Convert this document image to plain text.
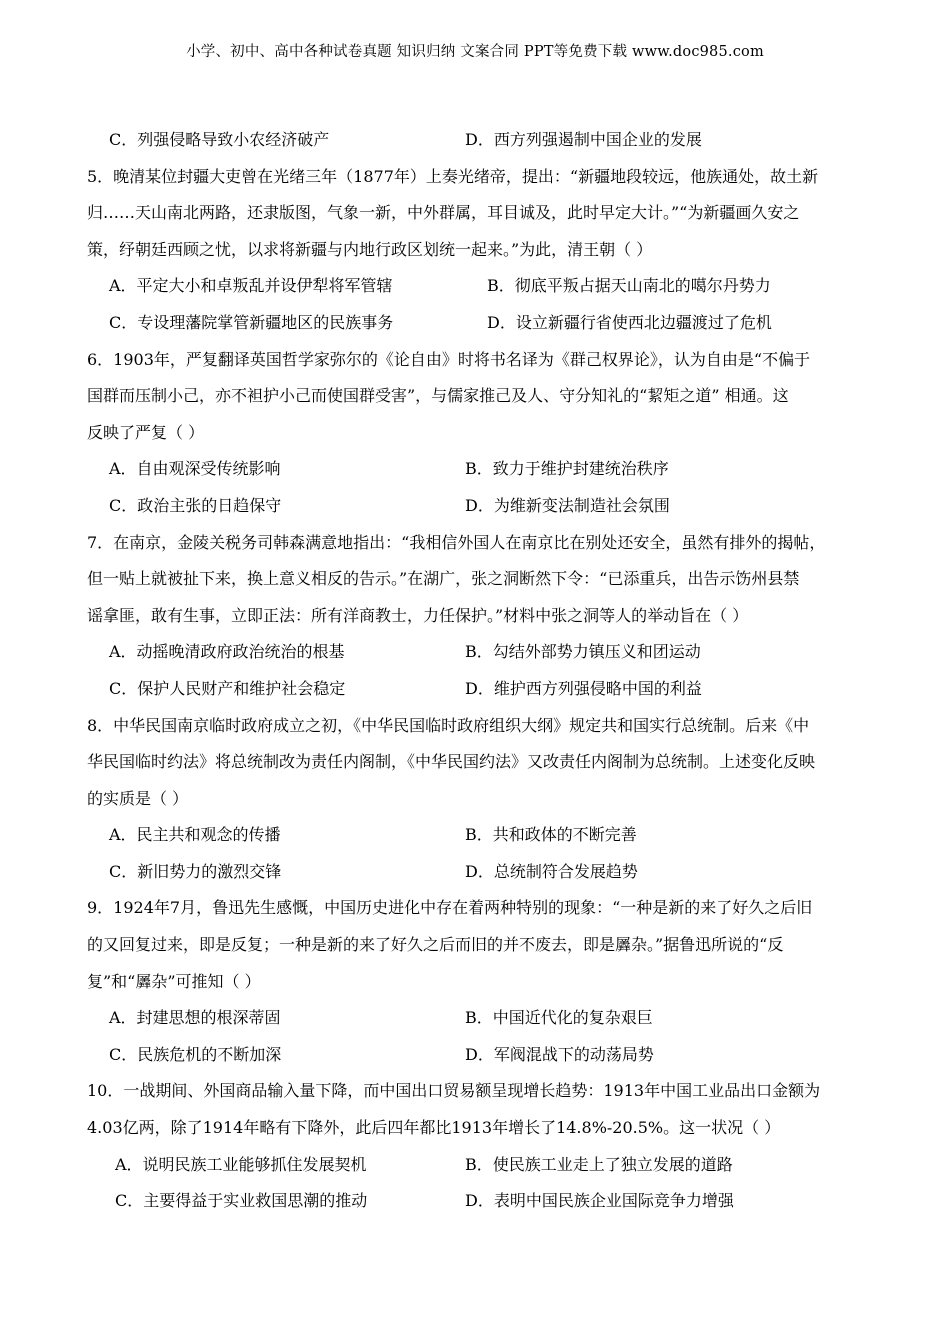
小学、初中、高中各种试卷真题 知识归纳 文案合同 PPT等免费下载 www.doc985.com
C．列强侵略导致小农经济破产	D．西方列强遏制中国企业的发展
5．晚清某位封疆大吏曾在光绪三年（1877年）上奏光绪帝，提出：“新疆地段较远，他族通处，故土新
归……天山南北两路，还隶版图，气象一新，中外群属，耳目诚及，此时早定大计。”“为新疆画久安之
策，纾朝廷西顾之忧，以求将新疆与内地行政区划统一起来。”为此，清王朝（ ）
A．平定大小和卓叛乱并设伊犁将军管辖	B．彻底平叛占据天山南北的噶尔丹势力
C．专设理藩院掌管新疆地区的民族事务	D．设立新疆行省使西北边疆渡过了危机
6．1903年，严复翻译英国哲学家弥尔的《论自由》时将书名译为《群己权界论》，认为自由是“不偏于
国群而压制小己，亦不袒护小己而使国群受害”，与儒家推己及人、守分知礼的“絜矩之道” 相通。这
反映了严复（ ）
A．自由观深受传统影响	B．致力于维护封建统治秩序
C．政治主张的日趋保守	D．为维新变法制造社会氛围
7．在南京，金陵关税务司韩森满意地指出：“我相信外国人在南京比在别处还安全，虽然有排外的揭帖，
但一贴上就被扯下来，换上意义相反的告示。”在湖广，张之洞断然下令：“已添重兵，出告示饬州县禁
谣拿匪，敢有生事，立即正法：所有洋商教士，力任保护。”材料中张之洞等人的举动旨在（ ）
A．动摇晚清政府政治统治的根基	B．勾结外部势力镇压义和团运动
C．保护人民财产和维护社会稳定	D．维护西方列强侵略中国的利益
8．中华民国南京临时政府成立之初，《中华民国临时政府组织大纲》规定共和国实行总统制。后来《中
华民国临时约法》将总统制改为责任内阁制，《中华民国约法》又改责任内阁制为总统制。上述变化反映
的实质是（ ）
A．民主共和观念的传播	B．共和政体的不断完善
C．新旧势力的激烈交锋	D．总统制符合发展趋势
9．1924年7月，鲁迅先生感慨，中国历史进化中存在着两种特别的现象：“一种是新的来了好久之后旧
的又回复过来，即是反复；一种是新的来了好久之后而旧的并不废去，即是羼杂。”据鲁迅所说的“反
复”和“羼杂”可推知（ ）
A．封建思想的根深蒂固	B．中国近代化的复杂艰巨
C．民族危机的不断加深	D．军阀混战下的动荡局势
10．一战期间、外国商品输入量下降，而中国出口贸易额呈现增长趋势：1913年中国工业品出口金额为
4.03亿两，除了1914年略有下降外，此后四年都比1913年增长了14.8%-20.5%。这一状况（ ）
A．说明民族工业能够抓住发展契机	B．使民族工业走上了独立发展的道路
C．主要得益于实业救国思潮的推动	D．表明中国民族企业国际竞争力增强
